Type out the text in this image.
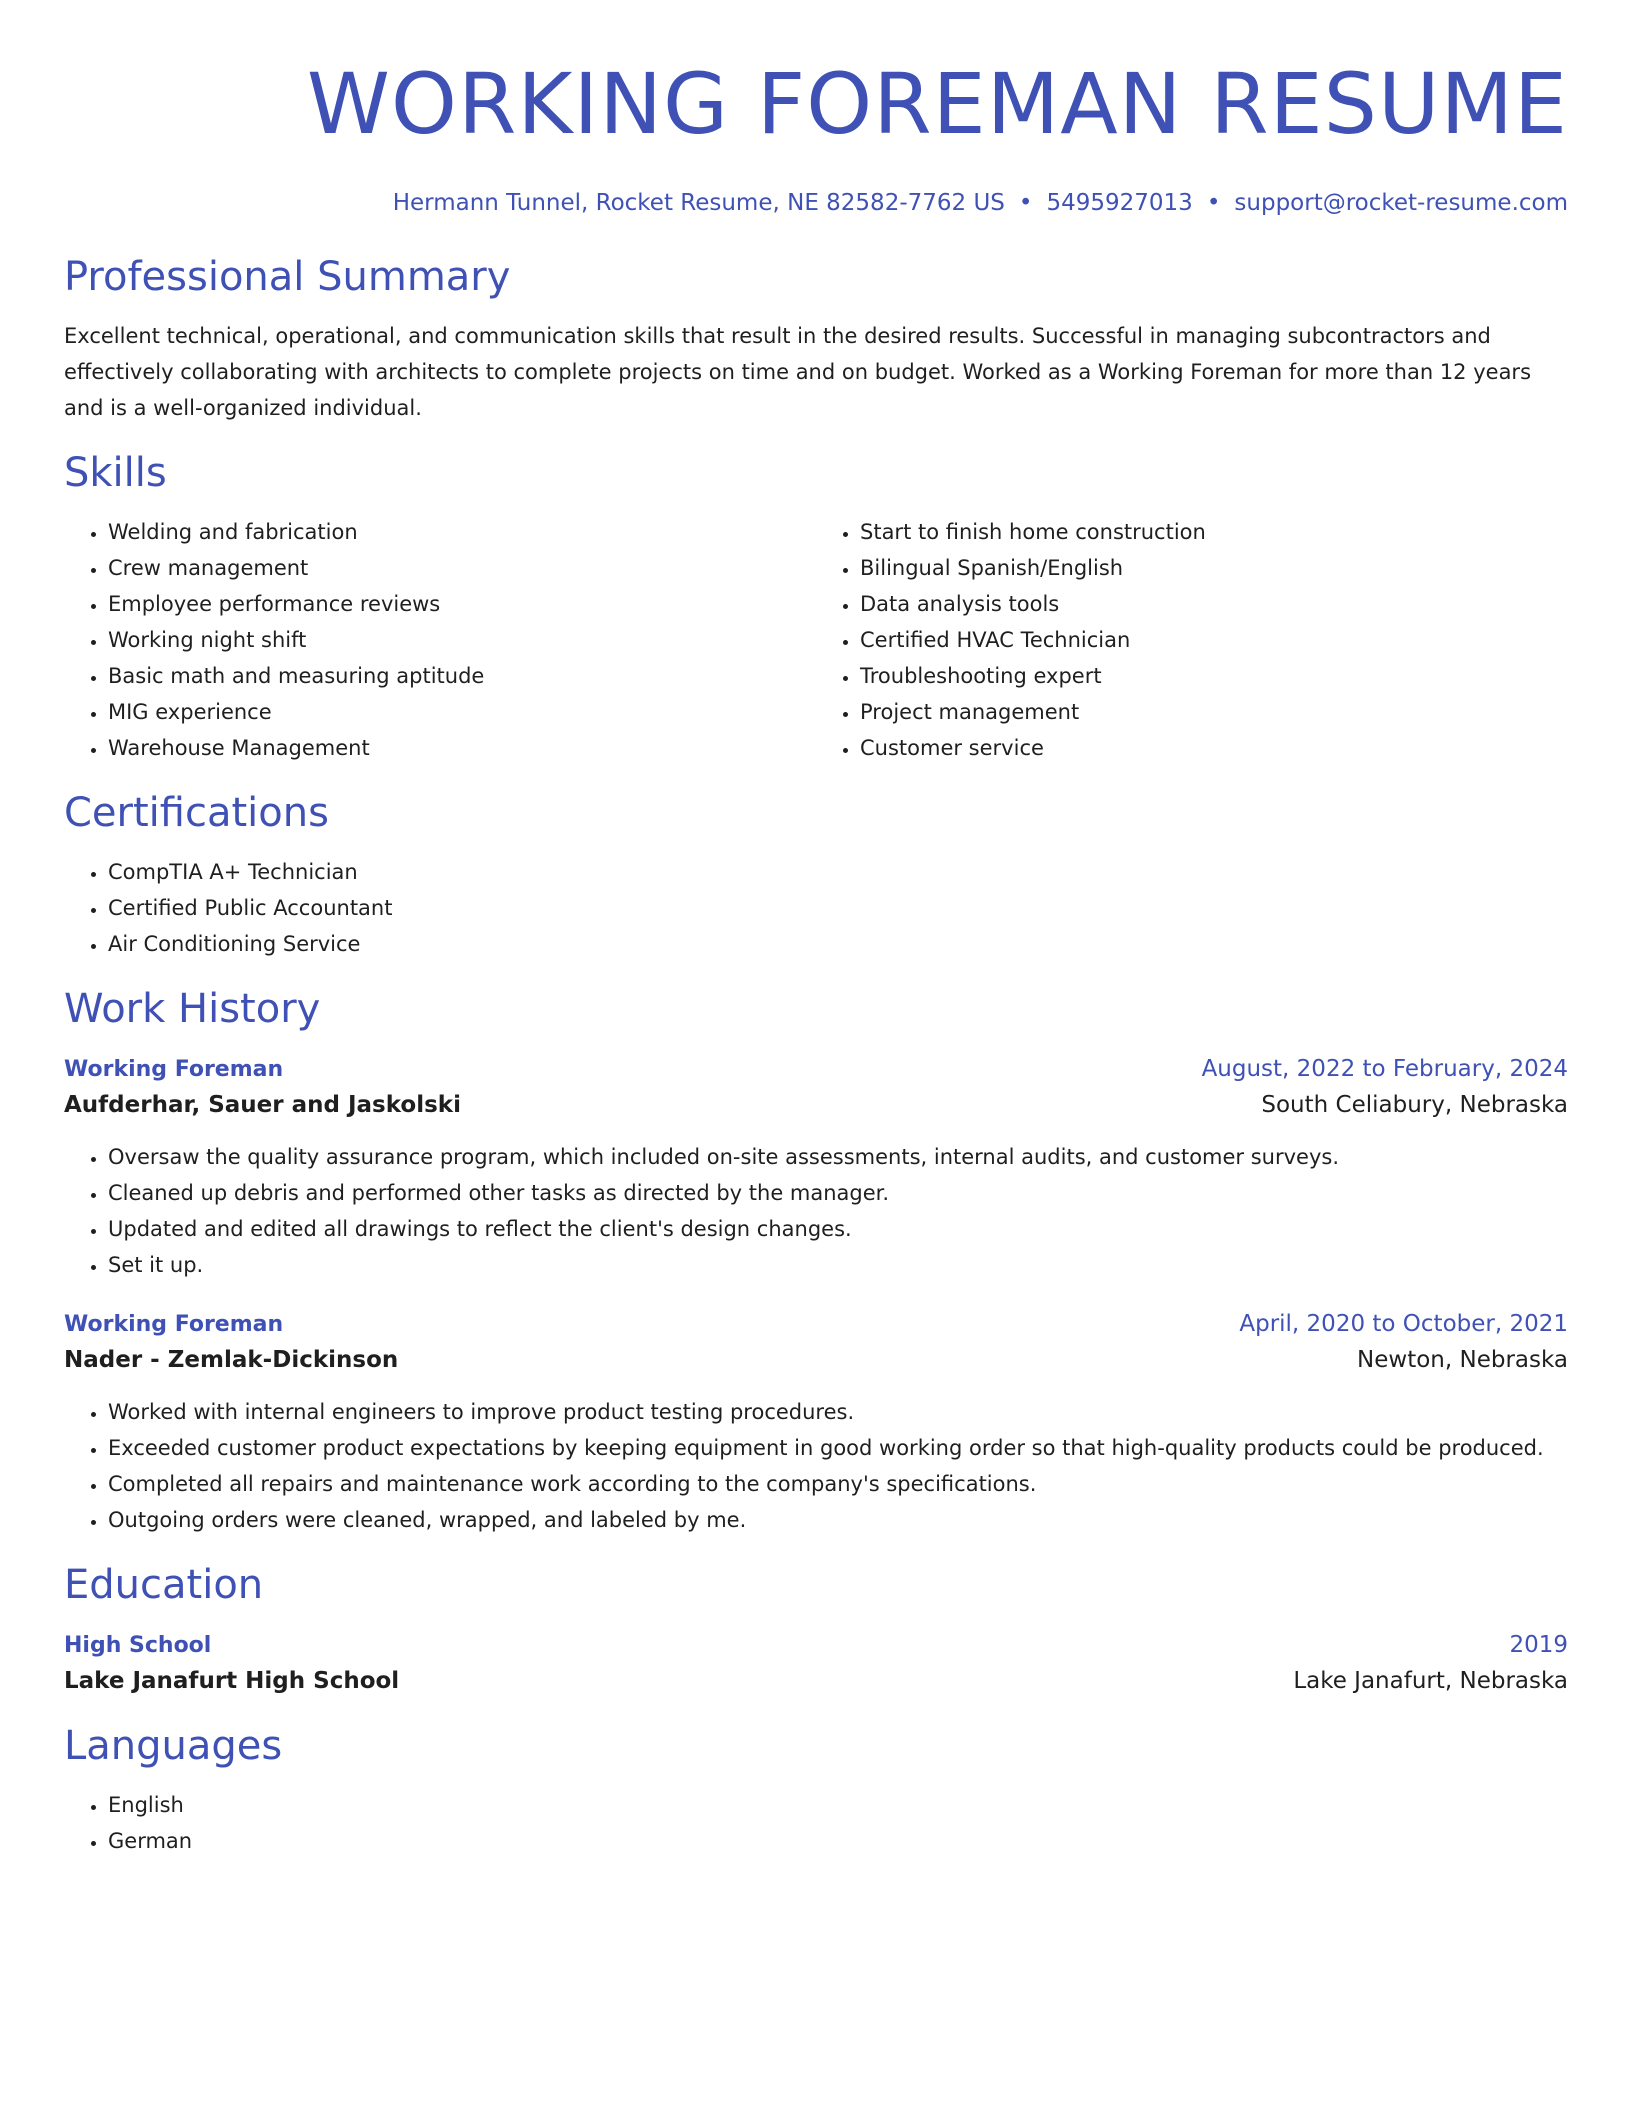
WORKING FOREMAN RESUME
Hermann Tunnel, Rocket Resume, NE 82582-7762 US • 5495927013 • support@rocket-resume.com
Professional Summary

Excellent technical, operational, and communication skills that result in the desired results. Successful in managing subcontractors and effectively collaborating with architects to complete projects on time and on budget. Worked as a Working Foreman for more than 12 years and is a well-organized individual.

Skills
• Welding and fabrication
• Crew management
• Employee performance reviews
• Working night shift
• Basic math and measuring aptitude
• MIG experience
• Warehouse Management
• Start to finish home construction
• Bilingual Spanish/English
• Data analysis tools
• Certified HVAC Technician
• Troubleshooting expert
• Project management
• Customer service
Certifications
• CompTIA A+ Technician
• Certified Public Accountant
• Air Conditioning Service
Work History
Working Foreman	August, 2022 to February, 2024
Aufderhar, Sauer and Jaskolski	South Celiabury, Nebraska
• Oversaw the quality assurance program, which included on-site assessments, internal audits, and customer surveys.
• Cleaned up debris and performed other tasks as directed by the manager.
• Updated and edited all drawings to reflect the client's design changes.
• Set it up.
Working Foreman	April, 2020 to October, 2021
Nader - Zemlak-Dickinson	Newton, Nebraska
• Worked with internal engineers to improve product testing procedures.
• Exceeded customer product expectations by keeping equipment in good working order so that high-quality products could be produced.
• Completed all repairs and maintenance work according to the company's specifications.
• Outgoing orders were cleaned, wrapped, and labeled by me.
Education
High School	2019
Lake Janafurt High School	Lake Janafurt, Nebraska
Languages
• English
• German
